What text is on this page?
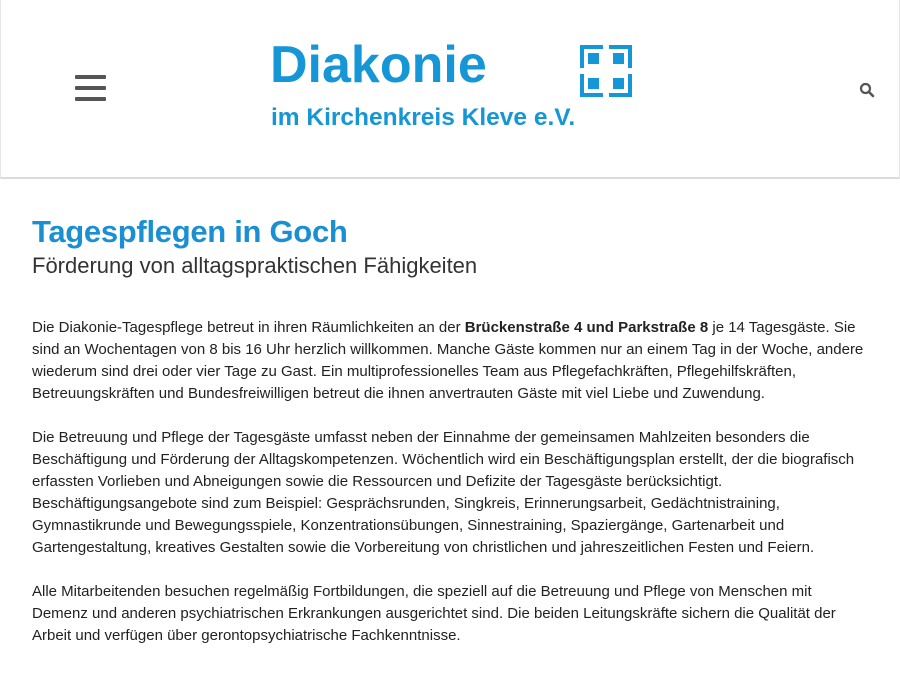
Diakonie
im Kirchenkreis Kleve e.V.
Tagespflegen in Goch
Förderung von alltagspraktischen Fähigkeiten

Die Diakonie-Tagespflege betreut in ihren Räumlichkeiten an der Brückenstraße 4 und Parkstraße 8 je 14 Tagesgäste. Sie sind an Wochentagen von 8 bis 16 Uhr herzlich willkommen. Manche Gäste kommen nur an einem Tag in der Woche, andere wiederum sind drei oder vier Tage zu Gast. Ein multiprofessionelles Team aus Pflegefachkräften, Pflegehilfskräften, Betreuungskräften und Bundesfreiwilligen betreut die ihnen anvertrauten Gäste mit viel Liebe und Zuwendung.

Die Betreuung und Pflege der Tagesgäste umfasst neben der Einnahme der gemeinsamen Mahlzeiten besonders die Beschäftigung und Förderung der Alltagskompetenzen. Wöchentlich wird ein Beschäftigungsplan erstellt, der die biografisch erfassten Vorlieben und Abneigungen sowie die Ressourcen und Defizite der Tagesgäste berücksichtigt. Beschäftigungsangebote sind zum Beispiel: Gesprächsrunden, Singkreis, Erinnerungsarbeit, Gedächtnistraining, Gymnastikrunde und Bewegungsspiele, Konzentrationsübungen, Sinnestraining, Spaziergänge, Gartenarbeit und Gartengestaltung, kreatives Gestalten sowie die Vorbereitung von christlichen und jahreszeitlichen Festen und Feiern.

Alle Mitarbeitenden besuchen regelmäßig Fortbildungen, die speziell auf die Betreuung und Pflege von Menschen mit Demenz und anderen psychiatrischen Erkrankungen ausgerichtet sind. Die beiden Leitungskräfte sichern die Qualität der Arbeit und verfügen über gerontopsychiatrische Fachkenntnisse.
